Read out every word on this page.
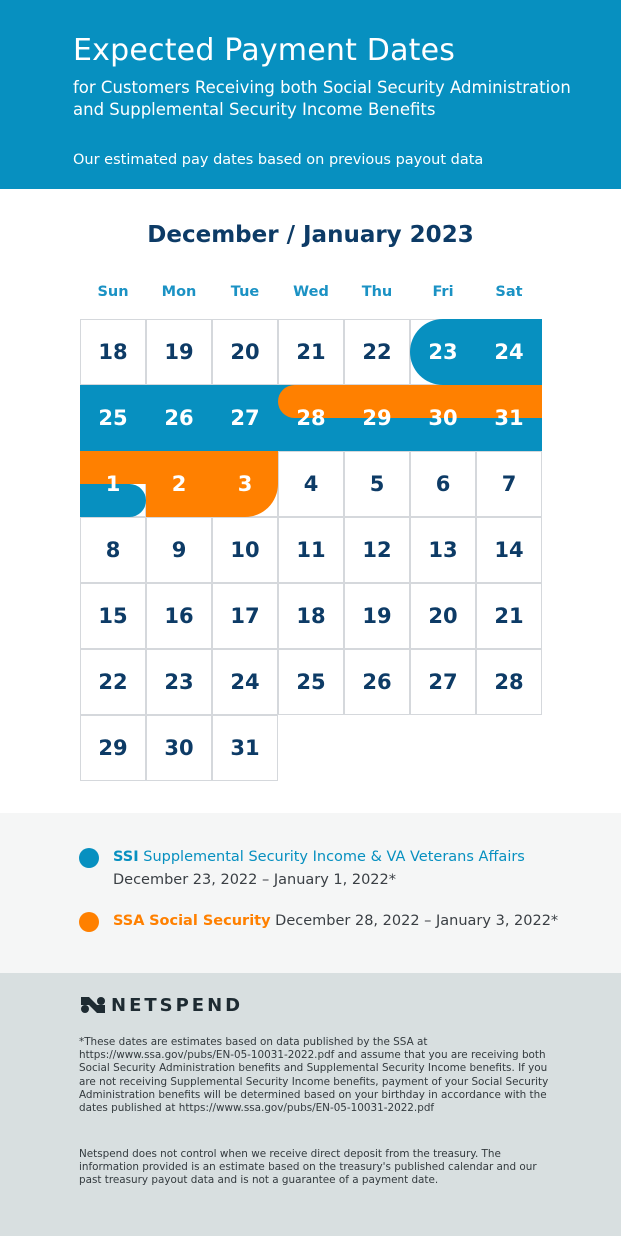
Expected Payment Dates
for Customers Receiving both Social Security Administration and Supplemental Security Income Benefits
Our estimated pay dates based on previous payout data
December / January 2023
Sun	Mon	Tue	Wed	Thu	Fri	Sat
18	19	20	21	22	23	24
25	26	27	28	29	30	31
1	2	3	4	5	6	7
8	9	10	11	12	13	14
15	16	17	18	19	20	21
22	23	24	25	26	27	28
29	30	31
SSI Supplemental Security Income & VA Veterans Affairs
December 23, 2022 – January 1, 2022*
SSA Social Security December 28, 2022 – January 3, 2022*
NETSPEND
*These dates are estimates based on data published by the SSA at https://www.ssa.gov/pubs/EN-05-10031-2022.pdf and assume that you are receiving both Social Security Administration benefits and Supplemental Security Income benefits. If you are not receiving Supplemental Security Income benefits, payment of your Social Security Administration benefits will be determined based on your birthday in accordance with the dates published at https://www.ssa.gov/pubs/EN-05-10031-2022.pdf
Netspend does not control when we receive direct deposit from the treasury. The information provided is an estimate based on the treasury's published calendar and our past treasury payout data and is not a guarantee of a payment date.
